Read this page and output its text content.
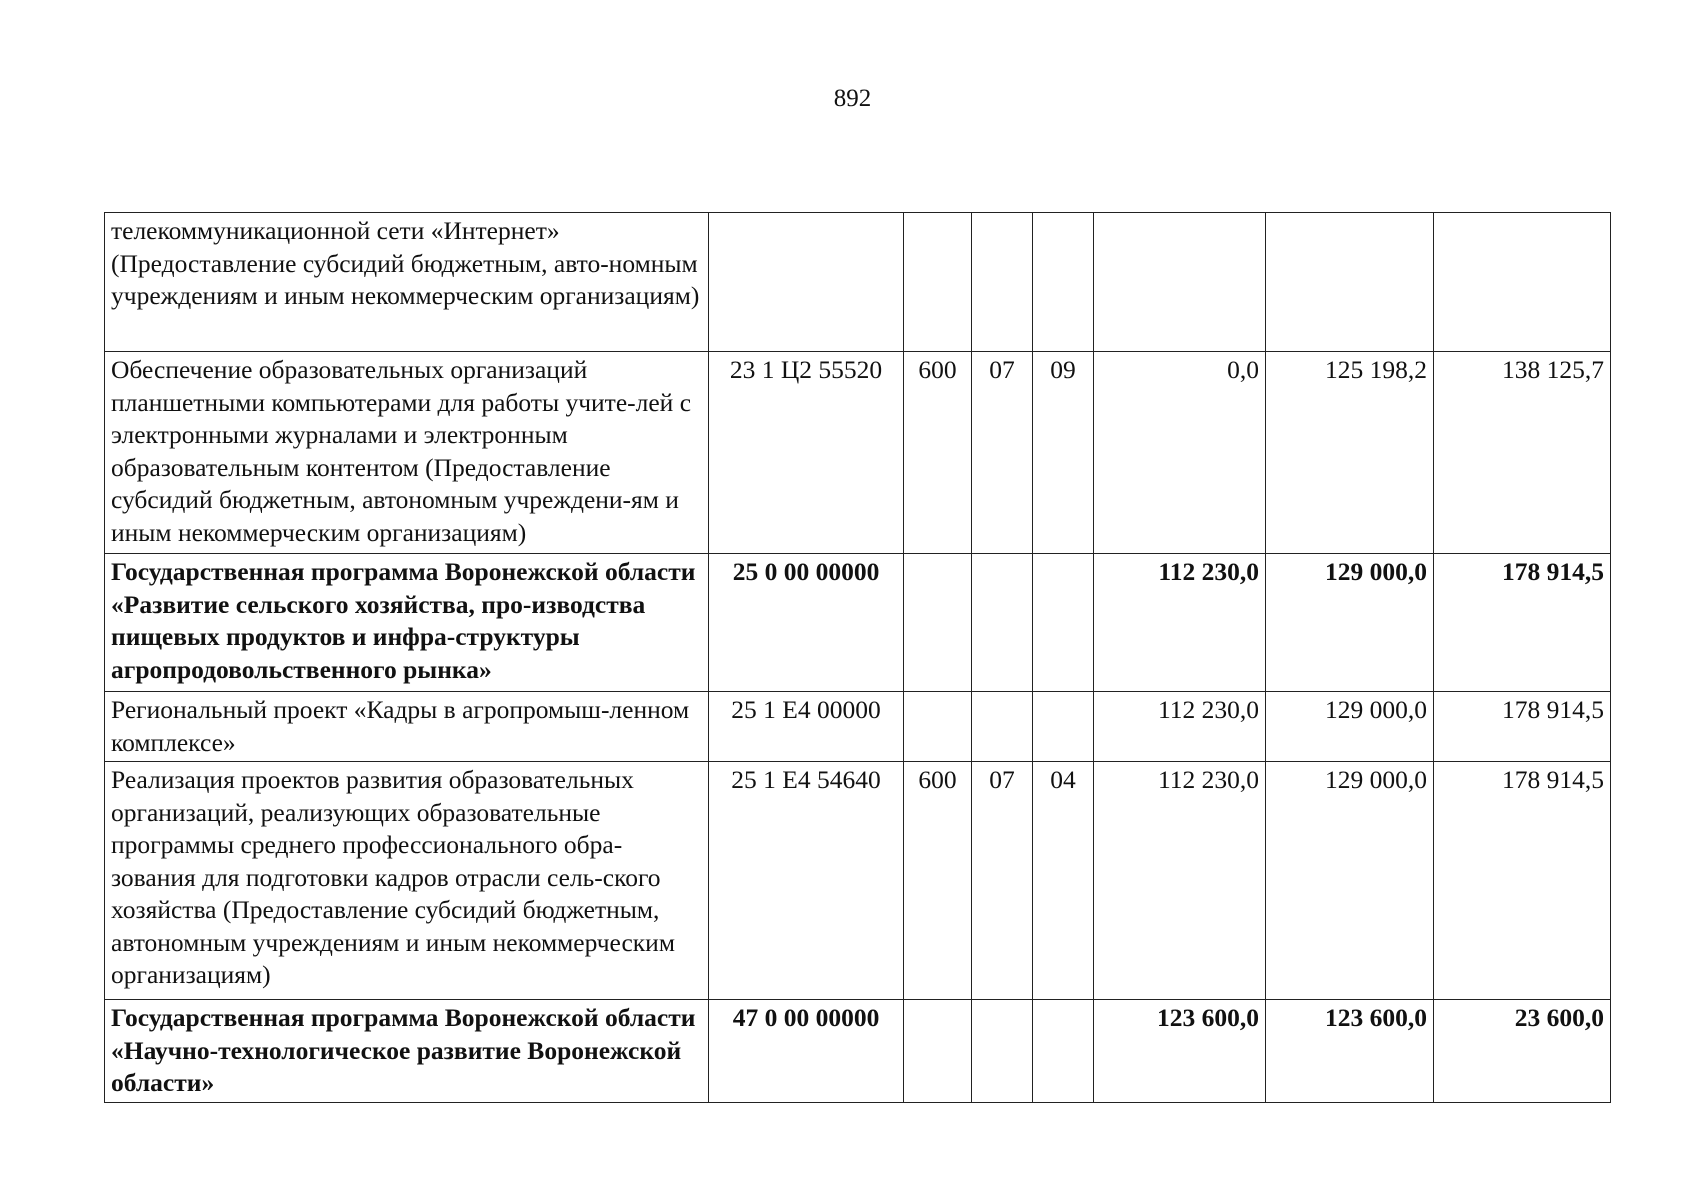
892
телекоммуникационной сети «Интернет» (Предоставление субсидий бюджетным, авто-номным учреждениям и иным некоммерческим организациям)							
Обеспечение образовательных организаций планшетными компьютерами для работы учите-лей с электронными журналами и электронным образовательным контентом (Предоставление субсидий бюджетным, автономным учреждени-ям и иным некоммерческим организациям)	23 1 Ц2 55520	600	07	09	0,0	125 198,2	138 125,7
Государственная программа Воронежской области «Развитие сельского хозяйства, про-изводства пищевых продуктов и инфра-структуры агропродовольственного рынка»	25 0 00 00000				112 230,0	129 000,0	178 914,5
Региональный проект «Кадры в агропромыш-ленном комплексе»	25 1 Е4 00000				112 230,0	129 000,0	178 914,5
Реализация проектов развития образовательных организаций, реализующих образовательные программы среднего профессионального обра-зования для подготовки кадров отрасли сель-ского хозяйства (Предоставление субсидий бюджетным, автономным учреждениям и иным некоммерческим организациям)	25 1 Е4 54640	600	07	04	112 230,0	129 000,0	178 914,5
Государственная программа Воронежской области «Научно-технологическое развитие Воронежской области»	47 0 00 00000				123 600,0	123 600,0	23 600,0
